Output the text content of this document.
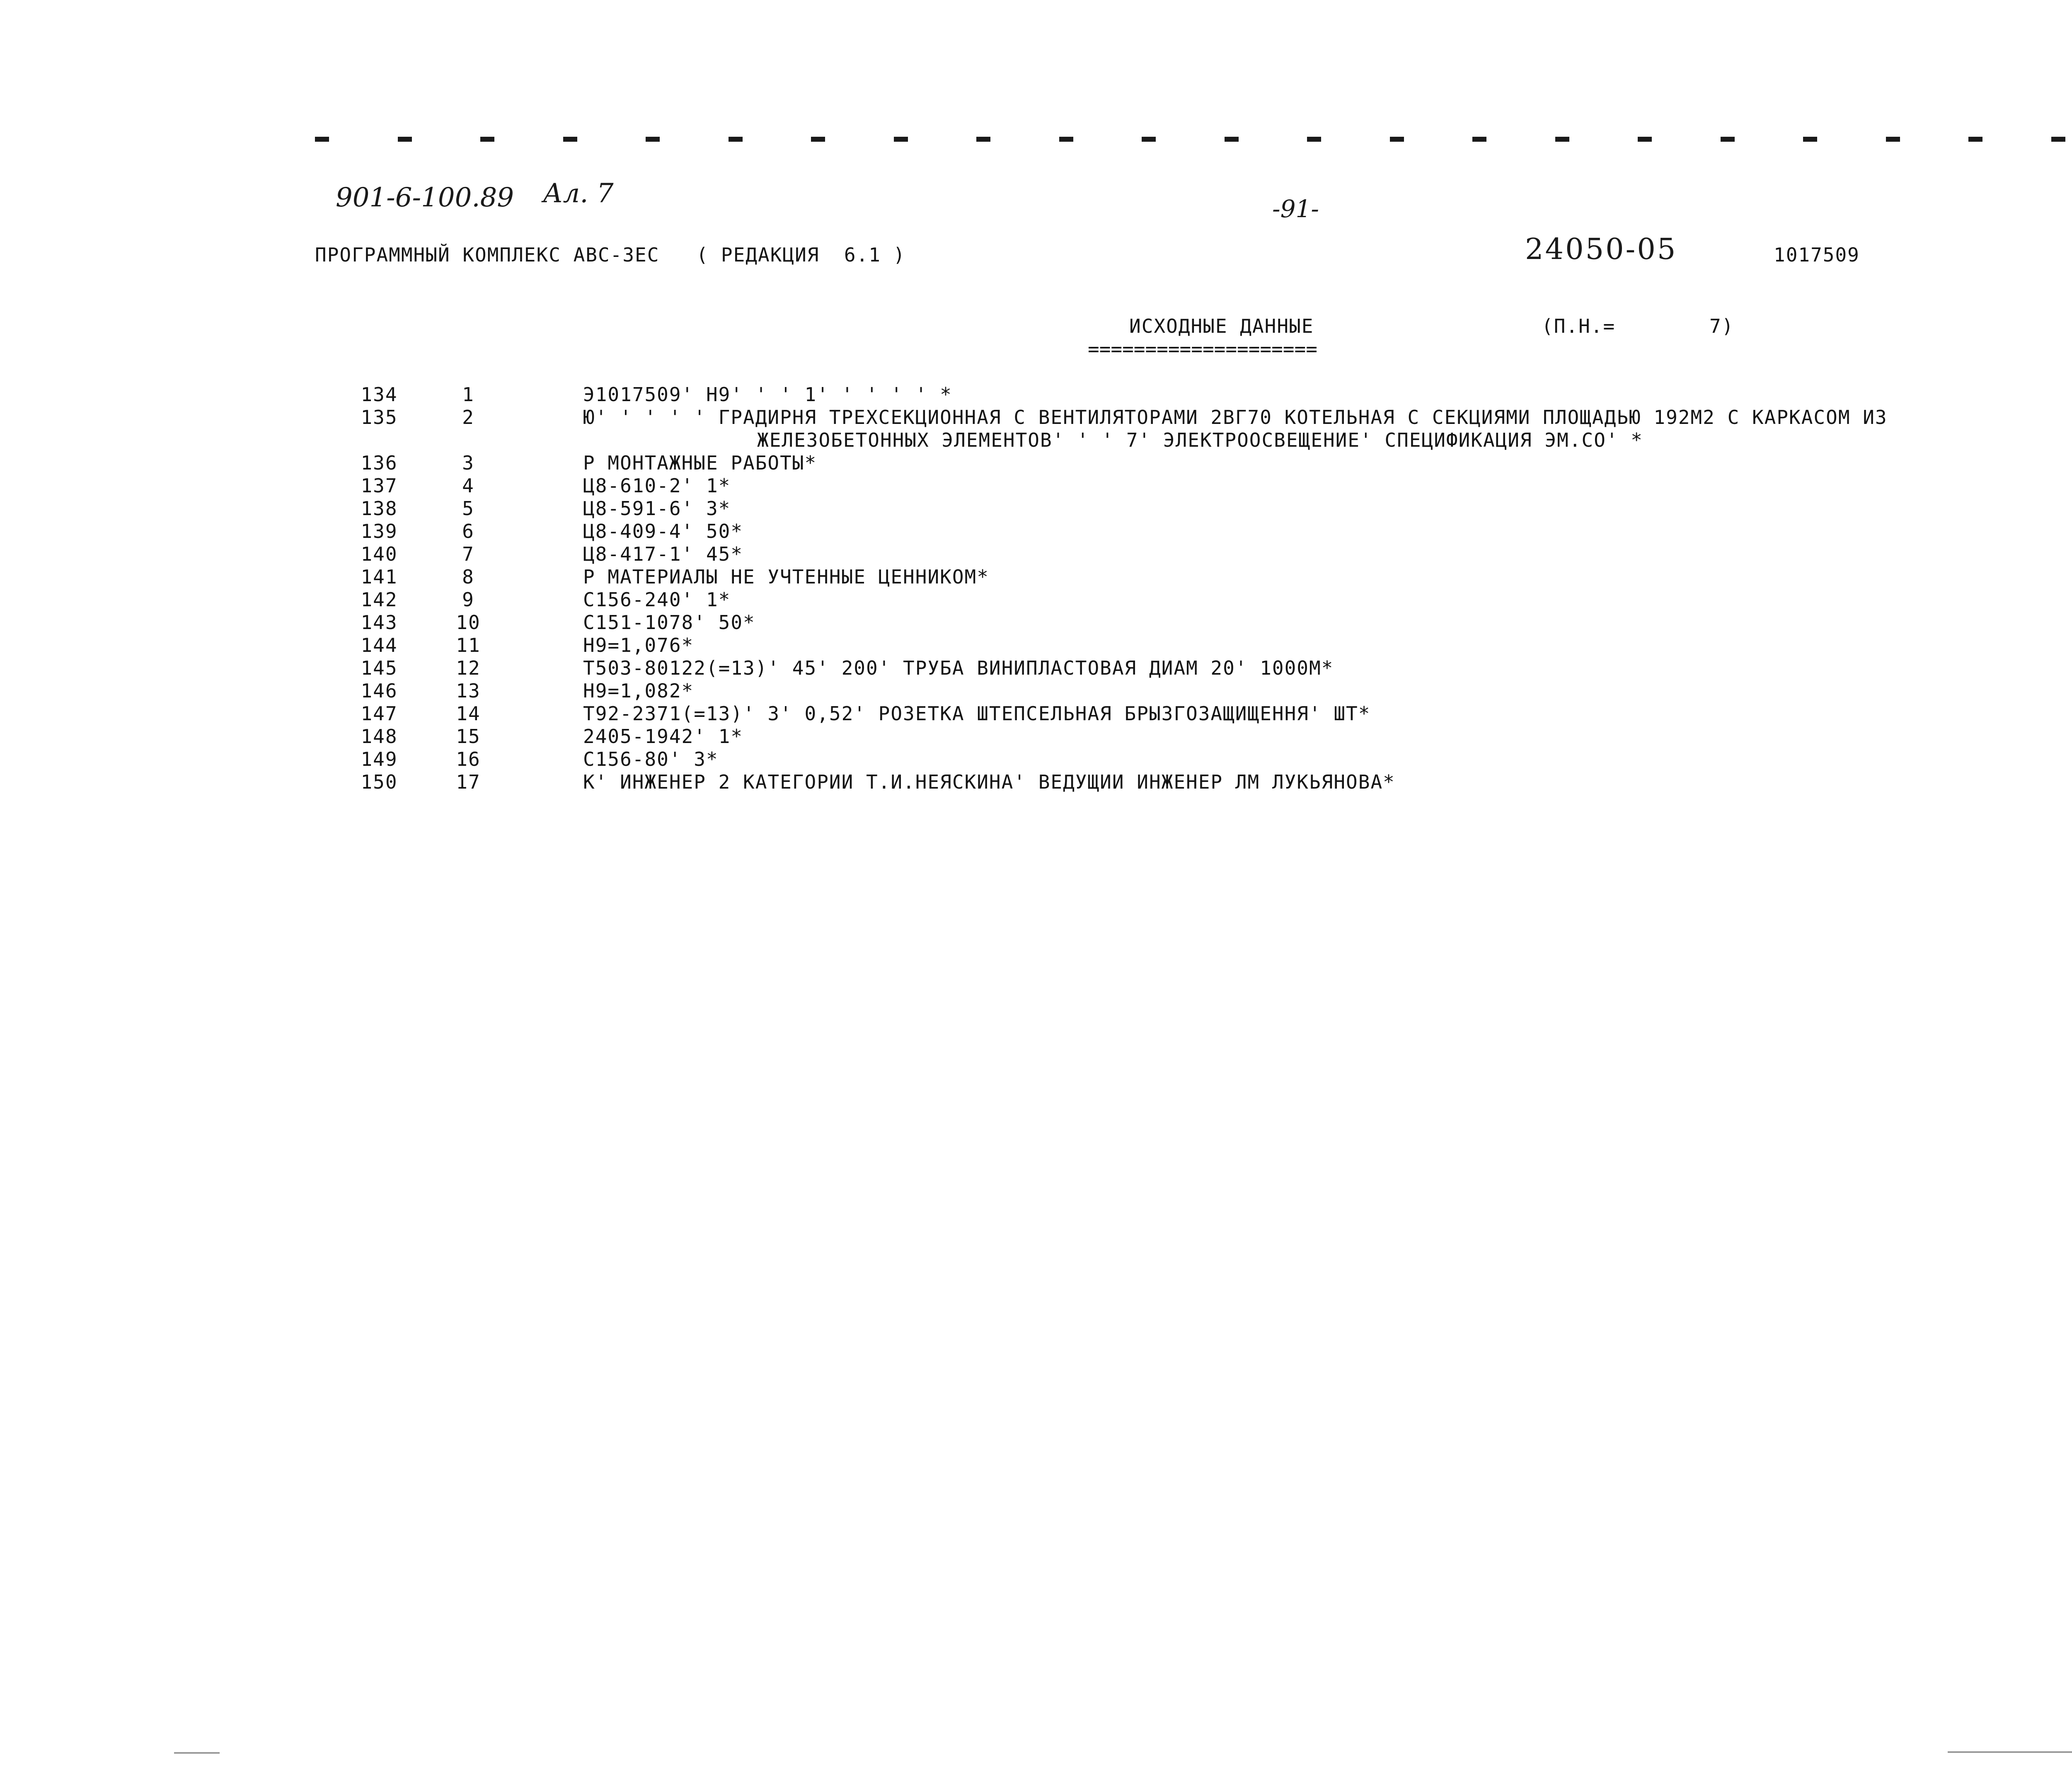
901-6-100.89 Ал. 7	-91-
24050-05
ПРОГРАММНЫЙ КОМПЛЕКС АВС-3ЕС   ( РЕДАКЦИЯ  6.1 )	1017509
ИСХОДНЫЕ ДАННЫЕ
====================
(П.Н.=	7)
134	1	Э1017509' Н9' ' ' 1' ' ' ' ' *
135	2	Ю' ' ' ' ' ГРАДИРНЯ ТРЕХСЕКЦИОННАЯ С ВЕНТИЛЯТОРАМИ 2ВГ70 КОТЕЛЬНАЯ С СЕКЦИЯМИ ПЛОЩАДЬЮ 192М2 С КАРКАСОМ ИЗ
ЖЕЛЕЗОБЕТОННЫХ ЭЛЕМЕНТОВ' ' ' 7' ЭЛЕКТРООСВЕЩЕНИЕ' СПЕЦИФИКАЦИЯ ЭМ.СО' *
136	3	Р МОНТАЖНЫЕ РАБОТЫ*
137	4	Ц8-610-2' 1*
138	5	Ц8-591-6' 3*
139	6	Ц8-409-4' 50*
140	7	Ц8-417-1' 45*
141	8	Р МАТЕРИАЛЫ НЕ УЧТЕННЫЕ ЦЕННИКОМ*
142	9	С156-240' 1*
143	10	С151-1078' 50*
144	11	Н9=1,076*
145	12	Т503-80122(=13)' 45' 200' ТРУБА ВИНИПЛАСТОВАЯ ДИАМ 20' 1000М*
146	13	Н9=1,082*
147	14	Т92-2371(=13)' 3' 0,52' РОЗЕТКА ШТЕПСЕЛЬНАЯ БРЫЗГОЗАЩИЩЕННЯ' ШТ*
148	15	2405-1942' 1*
149	16	С156-80' 3*
150	17	К' ИНЖЕНЕР 2 КАТЕГОРИИ Т.И.НЕЯСКИНА' ВЕДУЩИИ ИНЖЕНЕР ЛМ ЛУКЬЯНОВА*
